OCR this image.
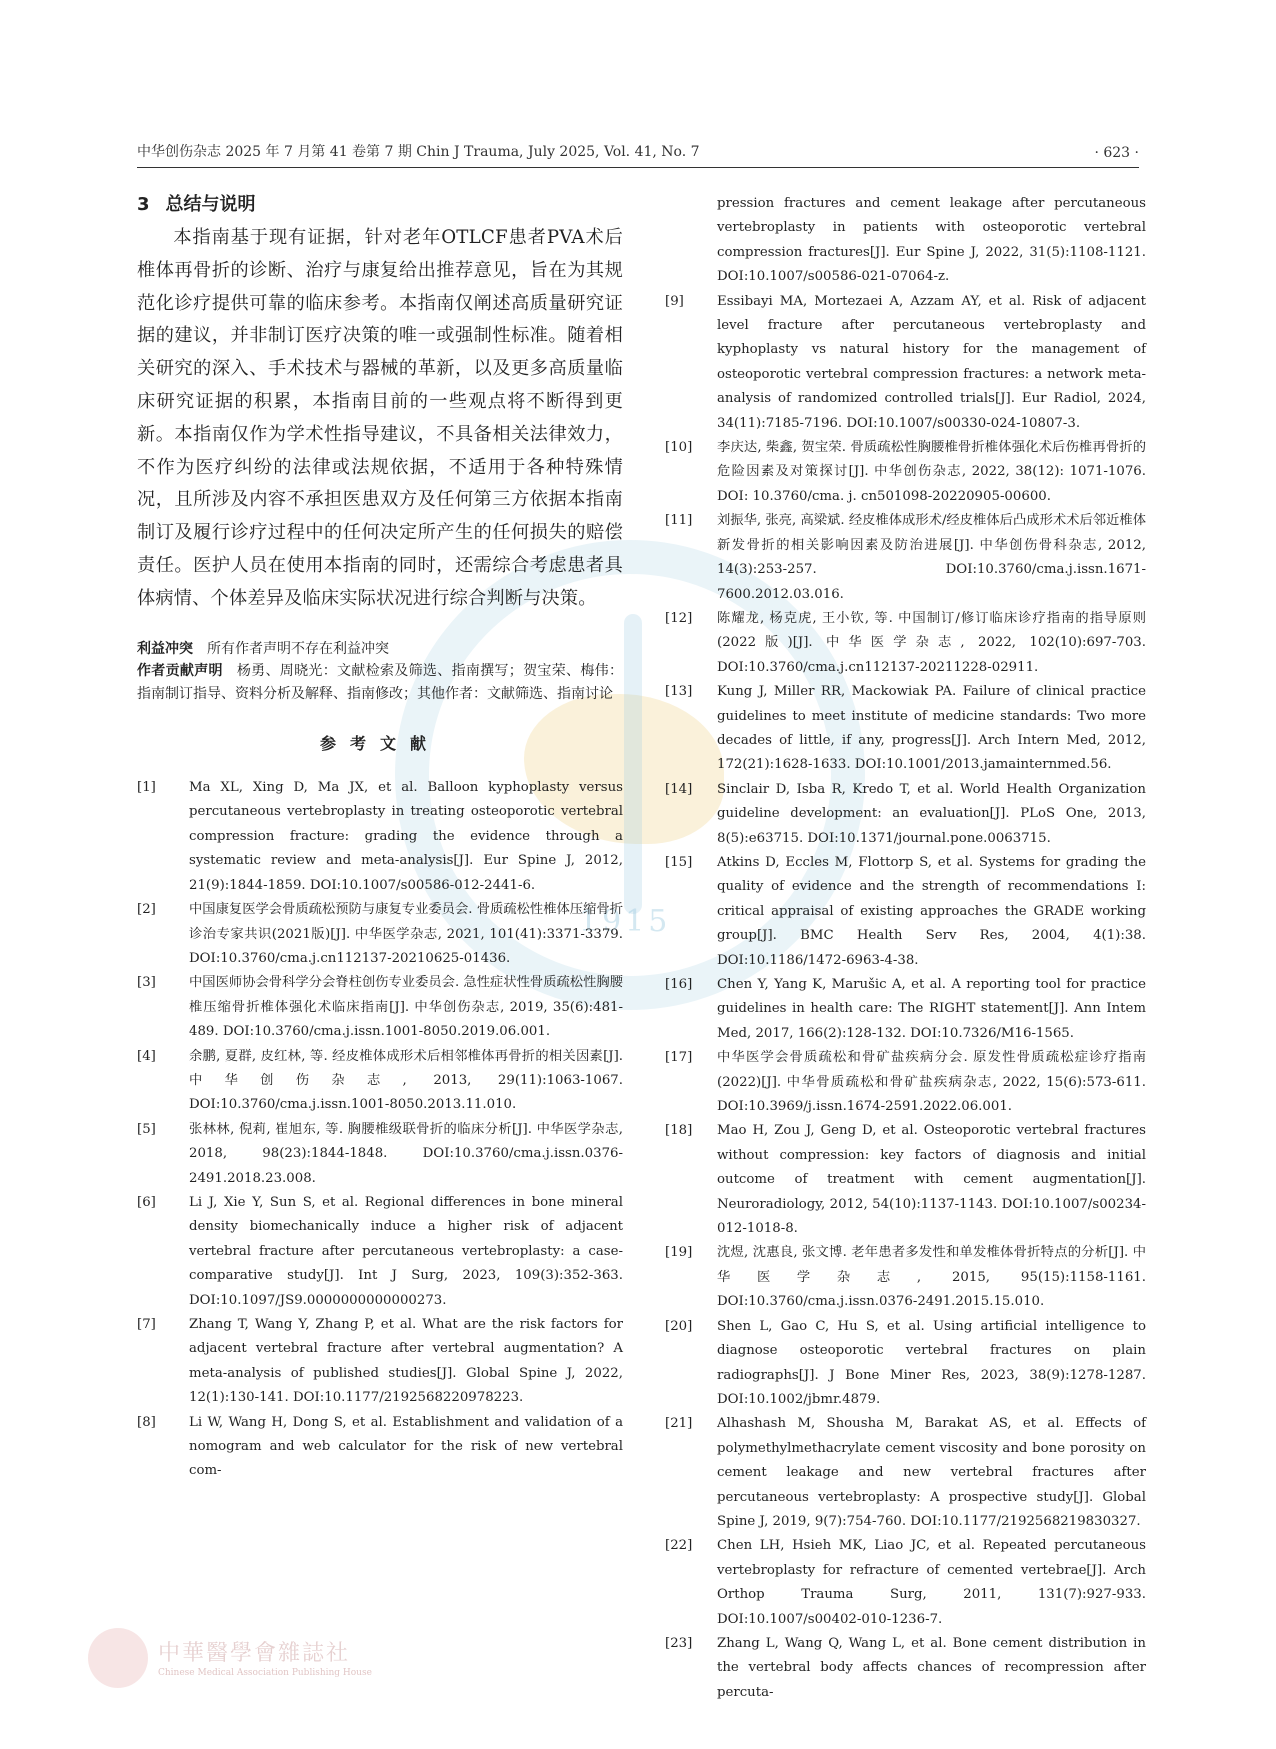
1915
中华创伤杂志 2025 年 7 月第 41 卷第 7 期 Chin J Trauma, July 2025, Vol. 41, No. 7	· 623 ·
3 总结与说明

本指南基于现有证据，针对老年OTLCF患者PVA术后椎体再骨折的诊断、治疗与康复给出推荐意见，旨在为其规范化诊疗提供可靠的临床参考。本指南仅阐述高质量研究证据的建议，并非制订医疗决策的唯一或强制性标准。随着相关研究的深入、手术技术与器械的革新，以及更多高质量临床研究证据的积累，本指南目前的一些观点将不断得到更新。本指南仅作为学术性指导建议，不具备相关法律效力，不作为医疗纠纷的法律或法规依据，不适用于各种特殊情况，且所涉及内容不承担医患双方及任何第三方依据本指南制订及履行诊疗过程中的任何决定所产生的任何损失的赔偿责任。医护人员在使用本指南的同时，还需综合考虑患者具体病情、个体差异及临床实际状况进行综合判断与决策。

利益冲突 所有作者声明不存在利益冲突

作者贡献声明 杨勇、周晓光：文献检索及筛选、指南撰写；贺宝荣、梅伟：指南制订指导、资料分析及解释、指南修改；其他作者：文献筛选、指南讨论

参考文献
[1] Ma XL, Xing D, Ma JX, et al. Balloon kyphoplasty versus percutaneous vertebroplasty in treating osteoporotic vertebral compression fracture: grading the evidence through a systematic review and meta-analysis[J]. Eur Spine J, 2012, 21(9):1844-1859. DOI:10.1007/s00586-012-2441-6.
[2] 中国康复医学会骨质疏松预防与康复专业委员会. 骨质疏松性椎体压缩骨折诊治专家共识(2021版)[J]. 中华医学杂志, 2021, 101(41):3371-3379. DOI:10.3760/cma.j.cn112137-20210625-01436.
[3] 中国医师协会骨科学分会脊柱创伤专业委员会. 急性症状性骨质疏松性胸腰椎压缩骨折椎体强化术临床指南[J]. 中华创伤杂志, 2019, 35(6):481-489. DOI:10.3760/cma.j.issn.1001-8050.2019.06.001.
[4] 余鹏, 夏群, 皮红林, 等. 经皮椎体成形术后相邻椎体再骨折的相关因素[J]. 中华创伤杂志, 2013, 29(11):1063-1067. DOI:10.3760/cma.j.issn.1001-8050.2013.11.010.
[5] 张林林, 倪莉, 崔旭东, 等. 胸腰椎级联骨折的临床分析[J]. 中华医学杂志, 2018, 98(23):1844-1848. DOI:10.3760/cma.j.issn.0376-2491.2018.23.008.
[6] Li J, Xie Y, Sun S, et al. Regional differences in bone mineral density biomechanically induce a higher risk of adjacent vertebral fracture after percutaneous vertebroplasty: a case-comparative study[J]. Int J Surg, 2023, 109(3):352-363. DOI:10.1097/JS9.0000000000000273.
[7] Zhang T, Wang Y, Zhang P, et al. What are the risk factors for adjacent vertebral fracture after vertebral augmentation? A meta-analysis of published studies[J]. Global Spine J, 2022, 12(1):130-141. DOI:10.1177/2192568220978223.
[8] Li W, Wang H, Dong S, et al. Establishment and validation of a nomogram and web calculator for the risk of new vertebral com-
pression fractures and cement leakage after percutaneous vertebroplasty in patients with osteoporotic vertebral compression fractures[J]. Eur Spine J, 2022, 31(5):1108-1121. DOI:10.1007/s00586-021-07064-z.
[9] Essibayi MA, Mortezaei A, Azzam AY, et al. Risk of adjacent level fracture after percutaneous vertebroplasty and kyphoplasty vs natural history for the management of osteoporotic vertebral compression fractures: a network meta-analysis of randomized controlled trials[J]. Eur Radiol, 2024, 34(11):7185-7196. DOI:10.1007/s00330-024-10807-3.
[10] 李庆达, 柴鑫, 贺宝荣. 骨质疏松性胸腰椎骨折椎体强化术后伤椎再骨折的危险因素及对策探讨[J]. 中华创伤杂志, 2022, 38(12): 1071-1076. DOI: 10.3760/cma. j. cn501098-20220905-00600.
[11] 刘振华, 张亮, 高梁斌. 经皮椎体成形术/经皮椎体后凸成形术术后邻近椎体新发骨折的相关影响因素及防治进展[J]. 中华创伤骨科杂志, 2012, 14(3):253-257. DOI:10.3760/cma.j.issn.1671-7600.2012.03.016.
[12] 陈耀龙, 杨克虎, 王小钦, 等. 中国制订/修订临床诊疗指南的指导原则(2022版)[J]. 中华医学杂志, 2022, 102(10):697-703. DOI:10.3760/cma.j.cn112137-20211228-02911.
[13] Kung J, Miller RR, Mackowiak PA. Failure of clinical practice guidelines to meet institute of medicine standards: Two more decades of little, if any, progress[J]. Arch Intern Med, 2012, 172(21):1628-1633. DOI:10.1001/2013.jamainternmed.56.
[14] Sinclair D, Isba R, Kredo T, et al. World Health Organization guideline development: an evaluation[J]. PLoS One, 2013, 8(5):e63715. DOI:10.1371/journal.pone.0063715.
[15] Atkins D, Eccles M, Flottorp S, et al. Systems for grading the quality of evidence and the strength of recommendations I: critical appraisal of existing approaches the GRADE working group[J]. BMC Health Serv Res, 2004, 4(1):38. DOI:10.1186/1472-6963-4-38.
[16] Chen Y, Yang K, Marušic A, et al. A reporting tool for practice guidelines in health care: The RIGHT statement[J]. Ann Intem Med, 2017, 166(2):128-132. DOI:10.7326/M16-1565.
[17] 中华医学会骨质疏松和骨矿盐疾病分会. 原发性骨质疏松症诊疗指南(2022)[J]. 中华骨质疏松和骨矿盐疾病杂志, 2022, 15(6):573-611. DOI:10.3969/j.issn.1674-2591.2022.06.001.
[18] Mao H, Zou J, Geng D, et al. Osteoporotic vertebral fractures without compression: key factors of diagnosis and initial outcome of treatment with cement augmentation[J]. Neuroradiology, 2012, 54(10):1137-1143. DOI:10.1007/s00234-012-1018-8.
[19] 沈煜, 沈惠良, 张文博. 老年患者多发性和单发椎体骨折特点的分析[J]. 中华医学杂志, 2015, 95(15):1158-1161. DOI:10.3760/cma.j.issn.0376-2491.2015.15.010.
[20] Shen L, Gao C, Hu S, et al. Using artificial intelligence to diagnose osteoporotic vertebral fractures on plain radiographs[J]. J Bone Miner Res, 2023, 38(9):1278-1287. DOI:10.1002/jbmr.4879.
[21] Alhashash M, Shousha M, Barakat AS, et al. Effects of polymethylmethacrylate cement viscosity and bone porosity on cement leakage and new vertebral fractures after percutaneous vertebroplasty: A prospective study[J]. Global Spine J, 2019, 9(7):754-760. DOI:10.1177/2192568219830327.
[22] Chen LH, Hsieh MK, Liao JC, et al. Repeated percutaneous vertebroplasty for refracture of cemented vertebrae[J]. Arch Orthop Trauma Surg, 2011, 131(7):927-933. DOI:10.1007/s00402-010-1236-7.
[23] Zhang L, Wang Q, Wang L, et al. Bone cement distribution in the vertebral body affects chances of recompression after percuta-
中華醫學會雜誌社
Chinese Medical Association Publishing House
